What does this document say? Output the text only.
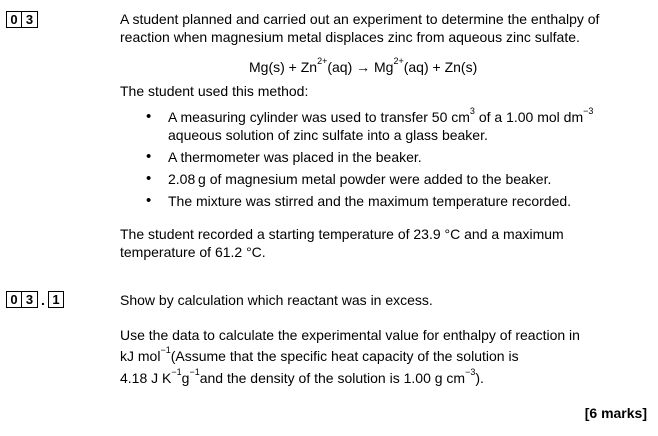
0 3	A student planned and carried out an experiment to determine the enthalpy of
reaction when magnesium metal displaces zinc from aqueous zinc sulfate.
$Mg(s) + Zn^{2+}(aq) \to Mg^{2+}(aq) + Zn(s)$
The student used this method:
• A measuring cylinder was used to transfer 50 $cm^3$ of a 1.00 mol $dm^{-3}$
aqueous solution of zinc sulfate into a glass beaker.
• A thermometer was placed in the beaker.
• 2.08 g of magnesium metal powder were added to the beaker.
• The mixture was stirred and the maximum temperature recorded.
The student recorded a starting temperature of 23.9 °C and a maximum
temperature of 61.2 °C.
0 3 . 1	Show by calculation which reactant was in excess.
Use the data to calculate the experimental value for enthalpy of reaction in
kJ mol$^{-1}$(Assume that the specific heat capacity of the solution is
4.18 J $K^{-1}g^{-1}and$ the density of the solution is 1.00 g $cm^{-3}$).
[6 marks]
